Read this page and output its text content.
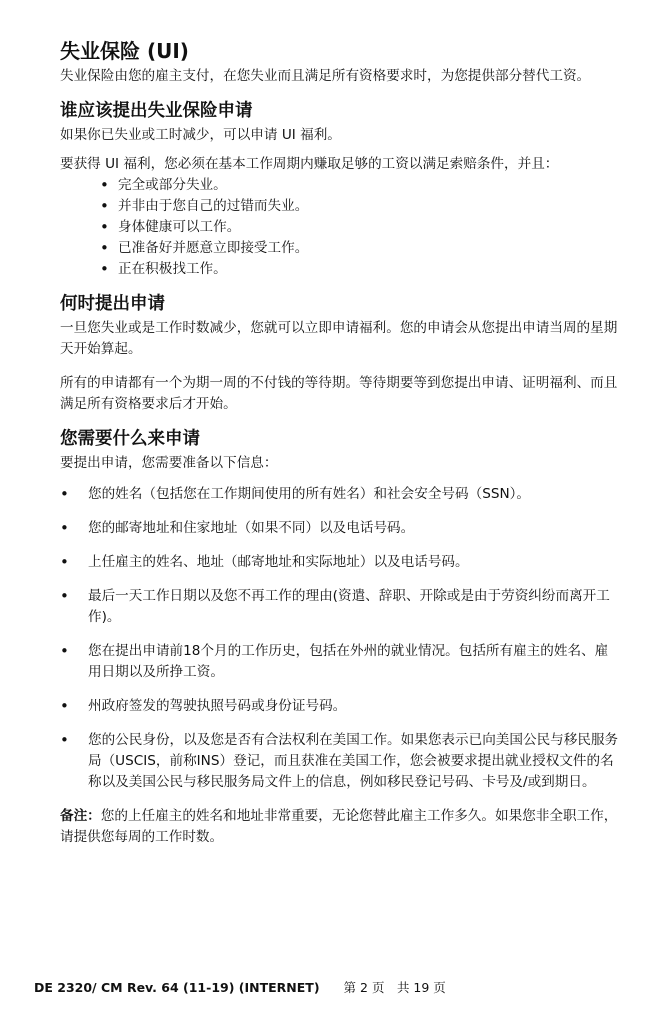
失业保险 (UI)

失业保险由您的雇主支付，在您失业而且满足所有资格要求时，为您提供部分替代工资。

谁应该提出失业保险申请

如果你已失业或工时减少，可以申请 UI 福利。

要获得 UI 福利，您必须在基本工作周期内赚取足够的工资以满足索赔条件，并且：

• 完全或部分失业。
• 并非由于您自己的过错而失业。
• 身体健康可以工作。
• 已准备好并愿意立即接受工作。
• 正在积极找工作。
何时提出申请

一旦您失业或是工作时数减少，您就可以立即申请福利。您的申请会从您提出申请当周的星期天开始算起。

所有的申请都有一个为期一周的不付钱的等待期。等待期要等到您提出申请、证明福利、而且满足所有资格要求后才开始。

您需要什么来申请

要提出申请，您需要准备以下信息：

• 您的姓名（包括您在工作期间使用的所有姓名）和社会安全号码（SSN）。
• 您的邮寄地址和住家地址（如果不同）以及电话号码。
• 上任雇主的姓名、地址（邮寄地址和实际地址）以及电话号码。
• 最后一天工作日期以及您不再工作的理由(资遣、辞职、开除或是由于劳资纠纷而离开工作)。
• 您在提出申请前18个月的工作历史，包括在外州的就业情况。包括所有雇主的姓名、雇用日期以及所挣工资。
• 州政府签发的驾驶执照号码或身份证号码。
• 您的公民身份，以及您是否有合法权利在美国工作。如果您表示已向美国公民与移民服务局（USCIS，前称INS）登记，而且获准在美国工作，您会被要求提出就业授权文件的名称以及美国公民与移民服务局文件上的信息，例如移民登记号码、卡号及/或到期日。

备注：您的上任雇主的姓名和地址非常重要，无论您替此雇主工作多久。如果您非全职工作，请提供您每周的工作时数。

DE 2320/ CM Rev. 64 (11-19) (INTERNET) 第 2 页　共 19 页
